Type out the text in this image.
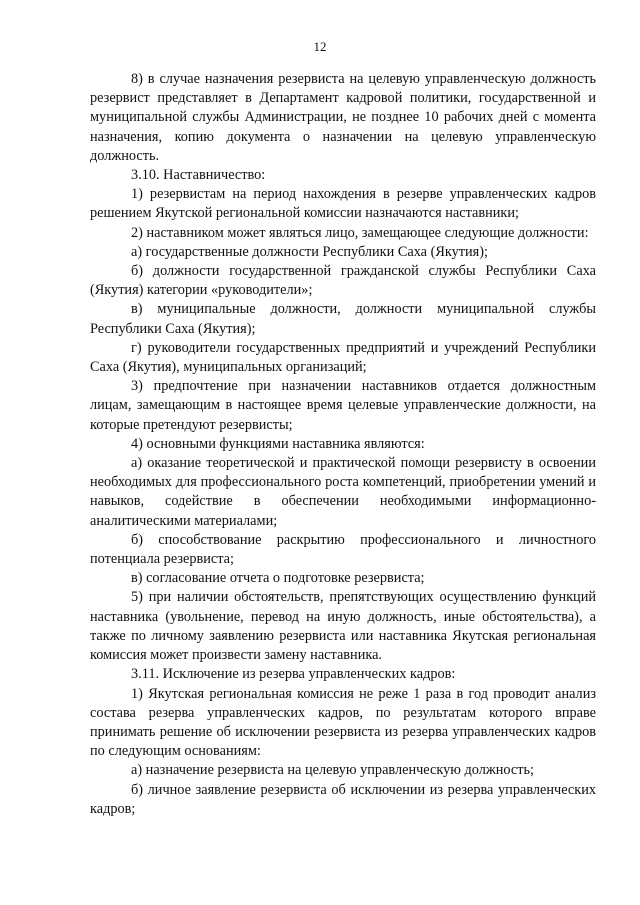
12

8) в случае назначения резервиста на целевую управленческую должность резервист представляет в Департамент кадровой политики, государственной и муниципальной службы Администрации, не позднее 10 рабочих дней с момента назначения, копию документа о назначении на целевую управленческую должность.

3.10. Наставничество:

1) резервистам на период нахождения в резерве управленческих кадров решением Якутской региональной комиссии назначаются наставники;

2) наставником может являться лицо, замещающее следующие должности:

а) государственные должности Республики Саха (Якутия);

б) должности государственной гражданской службы Республики Саха (Якутия) категории «руководители»;

в) муниципальные должности, должности муниципальной службы Республики Саха (Якутия);

г) руководители государственных предприятий и учреждений Республики Саха (Якутия), муниципальных организаций;

3) предпочтение при назначении наставников отдается должностным лицам, замещающим в настоящее время целевые управленческие должности, на которые претендуют резервисты;

4) основными функциями наставника являются:

а) оказание теоретической и практической помощи резервисту в освоении необходимых для профессионального роста компетенций, приобретении умений и навыков, содействие в обеспечении необходимыми информационно-аналитическими материалами;

б) способствование раскрытию профессионального и личностного потенциала резервиста;

в) согласование отчета о подготовке резервиста;

5) при наличии обстоятельств, препятствующих осуществлению функций наставника (увольнение, перевод на иную должность, иные обстоятельства), а также по личному заявлению резервиста или наставника Якутская региональная комиссия может произвести замену наставника.

3.11. Исключение из резерва управленческих кадров:

1) Якутская региональная комиссия не реже 1 раза в год проводит анализ состава резерва управленческих кадров, по результатам которого вправе принимать решение об исключении резервиста из резерва управленческих кадров по следующим основаниям:

а) назначение резервиста на целевую управленческую должность;

б) личное заявление резервиста об исключении из резерва управленческих кадров;
